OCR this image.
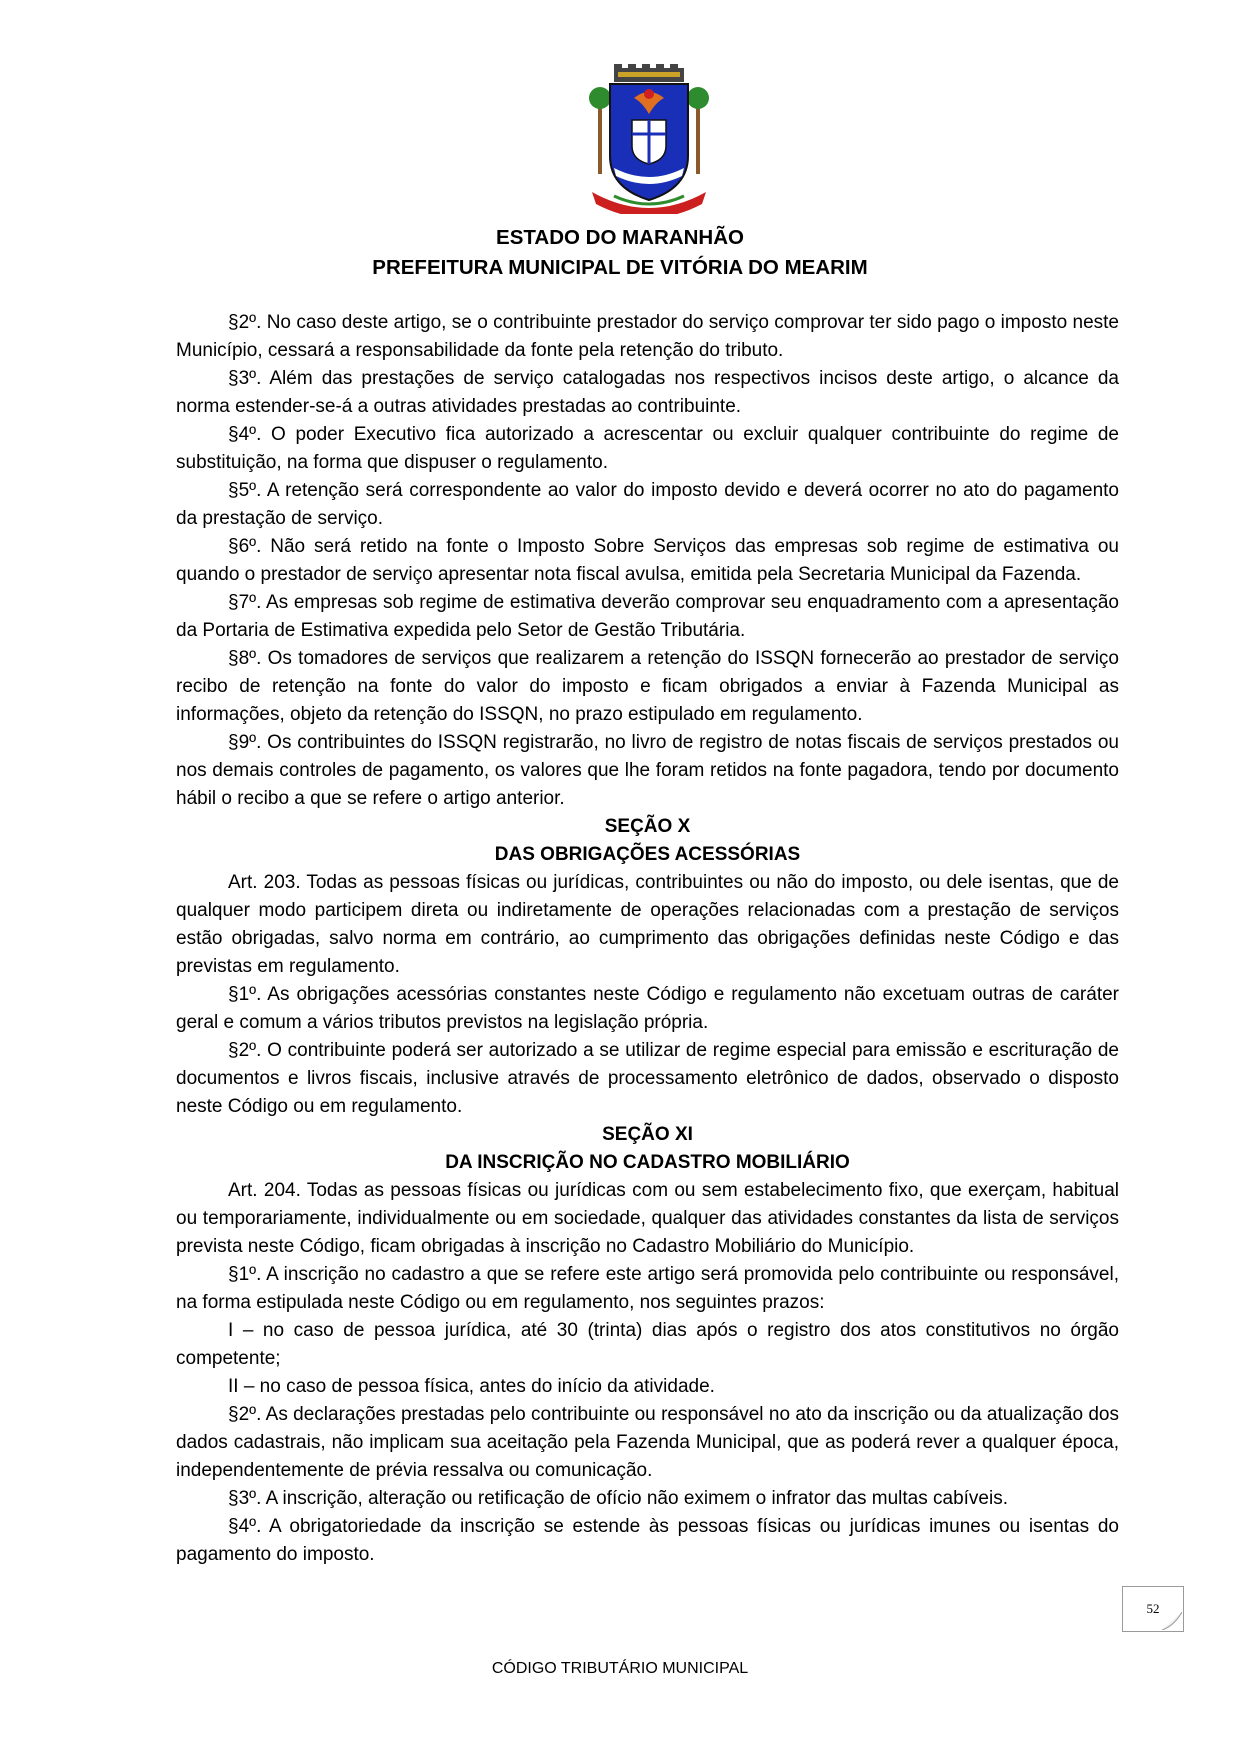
ESTADO DO MARANHÃO
PREFEITURA MUNICIPAL DE VITÓRIA DO MEARIM

§2º. No caso deste artigo, se o contribuinte prestador do serviço comprovar ter sido pago o imposto neste Município, cessará a responsabilidade da fonte pela retenção do tributo.

§3º. Além das prestações de serviço catalogadas nos respectivos incisos deste artigo, o alcance da norma estender-se-á a outras atividades prestadas ao contribuinte.

§4º. O poder Executivo fica autorizado a acrescentar ou excluir qualquer contribuinte do regime de substituição, na forma que dispuser o regulamento.

§5º. A retenção será correspondente ao valor do imposto devido e deverá ocorrer no ato do pagamento da prestação de serviço.

§6º. Não será retido na fonte o Imposto Sobre Serviços das empresas sob regime de estimativa ou quando o prestador de serviço apresentar nota fiscal avulsa, emitida pela Secretaria Municipal da Fazenda.

§7º. As empresas sob regime de estimativa deverão comprovar seu enquadramento com a apresentação da Portaria de Estimativa expedida pelo Setor de Gestão Tributária.

§8º. Os tomadores de serviços que realizarem a retenção do ISSQN fornecerão ao prestador de serviço recibo de retenção na fonte do valor do imposto e ficam obrigados a enviar à Fazenda Municipal as informações, objeto da retenção do ISSQN, no prazo estipulado em regulamento.

§9º. Os contribuintes do ISSQN registrarão, no livro de registro de notas fiscais de serviços prestados ou nos demais controles de pagamento, os valores que lhe foram retidos na fonte pagadora, tendo por documento hábil o recibo a que se refere o artigo anterior.

SEÇÃO X

DAS OBRIGAÇÕES ACESSÓRIAS

Art. 203. Todas as pessoas físicas ou jurídicas, contribuintes ou não do imposto, ou dele isentas, que de qualquer modo participem direta ou indiretamente de operações relacionadas com a prestação de serviços estão obrigadas, salvo norma em contrário, ao cumprimento das obrigações definidas neste Código e das previstas em regulamento.

§1º. As obrigações acessórias constantes neste Código e regulamento não excetuam outras de caráter geral e comum a vários tributos previstos na legislação própria.

§2º. O contribuinte poderá ser autorizado a se utilizar de regime especial para emissão e escrituração de documentos e livros fiscais, inclusive através de processamento eletrônico de dados, observado o disposto neste Código ou em regulamento.

SEÇÃO XI

DA INSCRIÇÃO NO CADASTRO MOBILIÁRIO

Art. 204. Todas as pessoas físicas ou jurídicas com ou sem estabelecimento fixo, que exerçam, habitual ou temporariamente, individualmente ou em sociedade, qualquer das atividades constantes da lista de serviços prevista neste Código, ficam obrigadas à inscrição no Cadastro Mobiliário do Município.

§1º. A inscrição no cadastro a que se refere este artigo será promovida pelo contribuinte ou responsável, na forma estipulada neste Código ou em regulamento, nos seguintes prazos:

I – no caso de pessoa jurídica, até 30 (trinta) dias após o registro dos atos constitutivos no órgão competente;

II – no caso de pessoa física, antes do início da atividade.

§2º. As declarações prestadas pelo contribuinte ou responsável no ato da inscrição ou da atualização dos dados cadastrais, não implicam sua aceitação pela Fazenda Municipal, que as poderá rever a qualquer época, independentemente de prévia ressalva ou comunicação.

§3º. A inscrição, alteração ou retificação de ofício não eximem o infrator das multas cabíveis.

§4º. A obrigatoriedade da inscrição se estende às pessoas físicas ou jurídicas imunes ou isentas do pagamento do imposto.

52
CÓDIGO TRIBUTÁRIO MUNICIPAL
